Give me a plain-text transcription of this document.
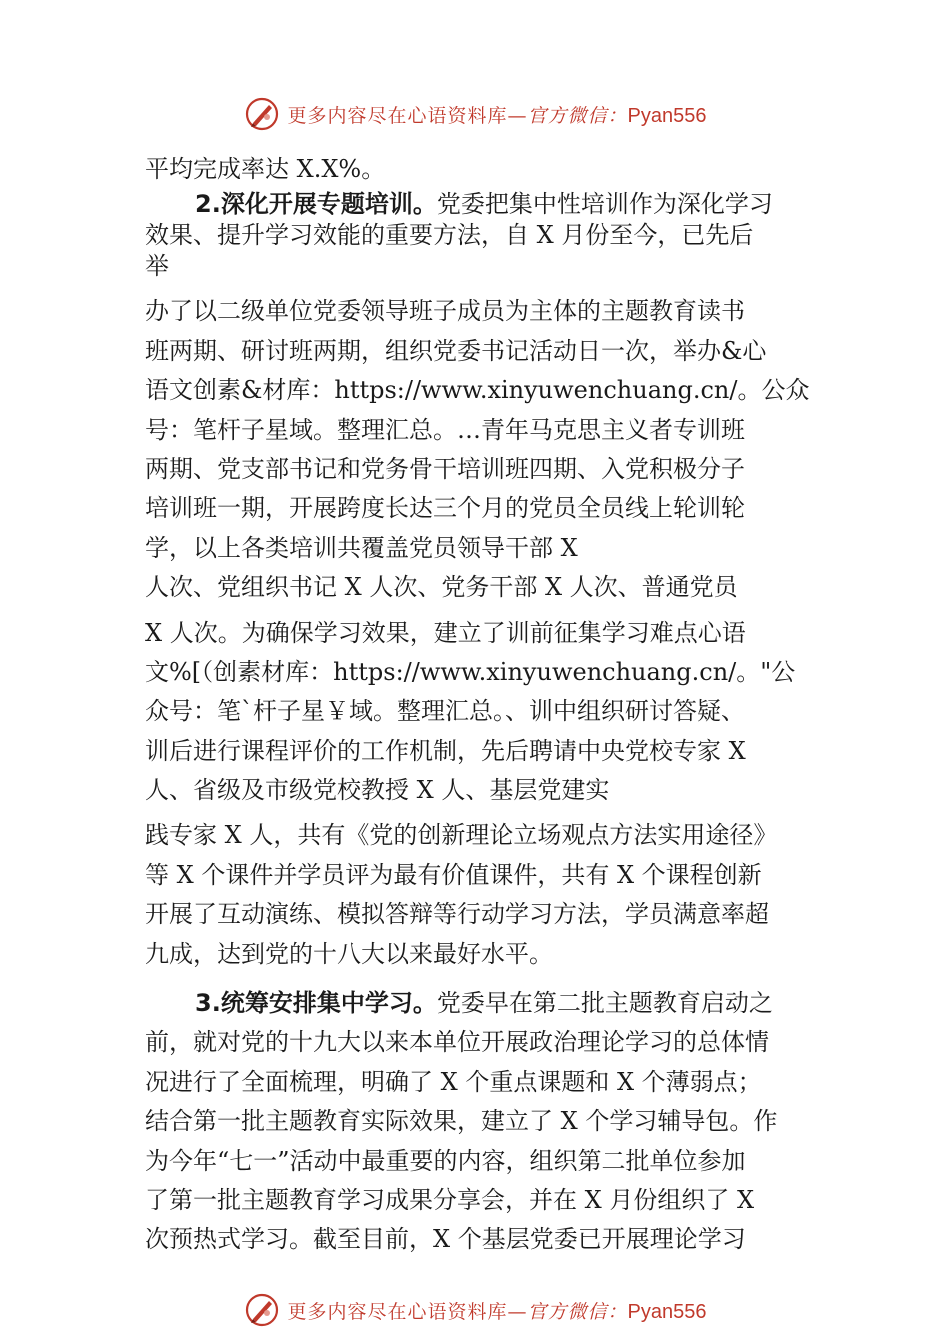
更多内容尽在心语资料库—官方微信：Pyan556
平均完成率达 X.X%。
2.深化开展专题培训。党委把集中性培训作为深化学习
效果、提升学习效能的重要方法，自 X 月份至今，已先后
举
办了以二级单位党委领导班子成员为主体的主题教育读书
班两期、研讨班两期，组织党委书记活动日一次，举办&心
语文创素&材库：https://www.xinyuwenchuang.cn/。公众
号：笔杆子星域。整理汇总。…青年马克思主义者专训班
两期、党支部书记和党务骨干培训班四期、入党积极分子
培训班一期，开展跨度长达三个月的党员全员线上轮训轮
学，以上各类培训共覆盖党员领导干部 X
人次、党组织书记 X 人次、党务干部 X 人次、普通党员
X 人次。为确保学习效果，建立了训前征集学习难点心语
文%[（创素材库：https://www.xinyuwenchuang.cn/。"公
众号：笔`杆子星￥域。整理汇总。、训中组织研讨答疑、
训后进行课程评价的工作机制，先后聘请中央党校专家 X
人、省级及市级党校教授 X 人、基层党建实
践专家 X 人，共有《党的创新理论立场观点方法实用途径》
等 X 个课件并学员评为最有价值课件，共有 X 个课程创新
开展了互动演练、模拟答辩等行动学习方法，学员满意率超
九成，达到党的十八大以来最好水平。
3.统筹安排集中学习。党委早在第二批主题教育启动之
前，就对党的十九大以来本单位开展政治理论学习的总体情
况进行了全面梳理，明确了 X 个重点课题和 X 个薄弱点；
结合第一批主题教育实际效果，建立了 X 个学习辅导包。作
为今年“七一”活动中最重要的内容，组织第二批单位参加
了第一批主题教育学习成果分享会，并在 X 月份组织了 X
次预热式学习。截至目前，X 个基层党委已开展理论学习
更多内容尽在心语资料库—官方微信：Pyan556
